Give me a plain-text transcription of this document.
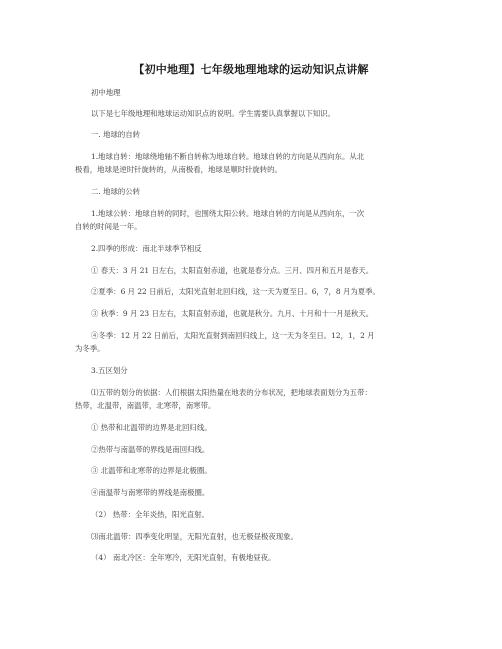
【初中地理】七年级地理地球的运动知识点讲解
初中地理
以下是七年级地理和地球运动知识点的说明。学生需要认真掌握以下知识。
一. 地球的自转
1.地球自转：地球绕地轴不断自转称为地球自转。地球自转的方向是从西向东。从北
极看，地球是逆时针旋转的，从南极看，地球是顺时针旋转的。
二. 地球的公转
1.地球公转：地球自转的同时，也围绕太阳公转。地球自转的方向是从西向东，一次
自转的时间是一年。
2.四季的形成：南北半球季节相反
① 春天：3 月 21 日左右，太阳直射赤道，也就是春分点。三月、四月和五月是春天。
②夏季：6 月 22 日前后，太阳光直射北回归线，这一天为夏至日。6，7，8 月为夏季。
③ 秋季：9 月 23 日左右，太阳直射赤道，也就是秋分。九月、十月和十一月是秋天。
④冬季：12 月 22 日前后，太阳光直射到南回归线上，这一天为冬至日。12，1，2 月
为冬季。
3.五区划分
⑴五带的划分的依据：人们根据太阳热量在地表的分布状况，把地球表面划分为五带：
热带，北温带，南温带，北寒带，南寒带。
① 热带和北温带的边界是北回归线。
②热带与南温带的界线是南回归线。
③ 北温带和北寒带的边界是北极圈。
④南温带与南寒带的界线是南极圈。
（2） 热带：全年炎热，阳光直射。
⑶南北温带：四季变化明显，无阳光直射，也无极昼极夜现象。
（4） 南北冷区：全年寒冷，无阳光直射，有极地昼夜。
